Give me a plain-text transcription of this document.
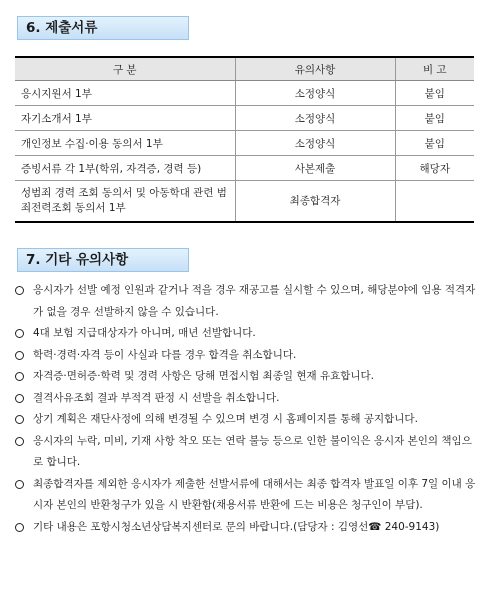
6. 제출서류
구 분	유의사항	비 고
응시지원서 1부	소정양식	붙임
자기소개서 1부	소정양식	붙임
개인정보 수집·이용 동의서 1부	소정양식	붙임
증빙서류 각 1부(학위, 자격증, 경력 등)	사본제출	해당자
성범죄 경력 조회 동의서 및 아동학대 관련 범죄전력조회 동의서 1부	최종합격자	
7. 기타 유의사항
응시자가 선발 예정 인원과 같거나 적을 경우 재공고를 실시할 수 있으며, 해당분야에 임용 적격자가 없을 경우 선발하지 않을 수 있습니다.
4대 보험 지급대상자가 아니며, 매년 선발합니다.
학력·경력·자격 등이 사실과 다를 경우 합격을 취소합니다.
자격증·면허증·학력 및 경력 사항은 당해 면접시험 최종일 현재 유효합니다.
결격사유조회 결과 부적격 판정 시 선발을 취소합니다.
상기 계획은 재단사정에 의해 변경될 수 있으며 변경 시 홈페이지를 통해 공지합니다.
응시자의 누락, 미비, 기재 사항 착오 또는 연락 불능 등으로 인한 불이익은 응시자 본인의 책임으로 합니다.
최종합격자를 제외한 응시자가 제출한 선발서류에 대해서는 최종 합격자 발표일 이후 7일 이내 응시자 본인의 반환청구가 있을 시 반환함(채용서류 반환에 드는 비용은 청구인이 부담).
기타 내용은 포항시청소년상담복지센터로 문의 바랍니다.(담당자 : 김영선☎ 240-9143)
